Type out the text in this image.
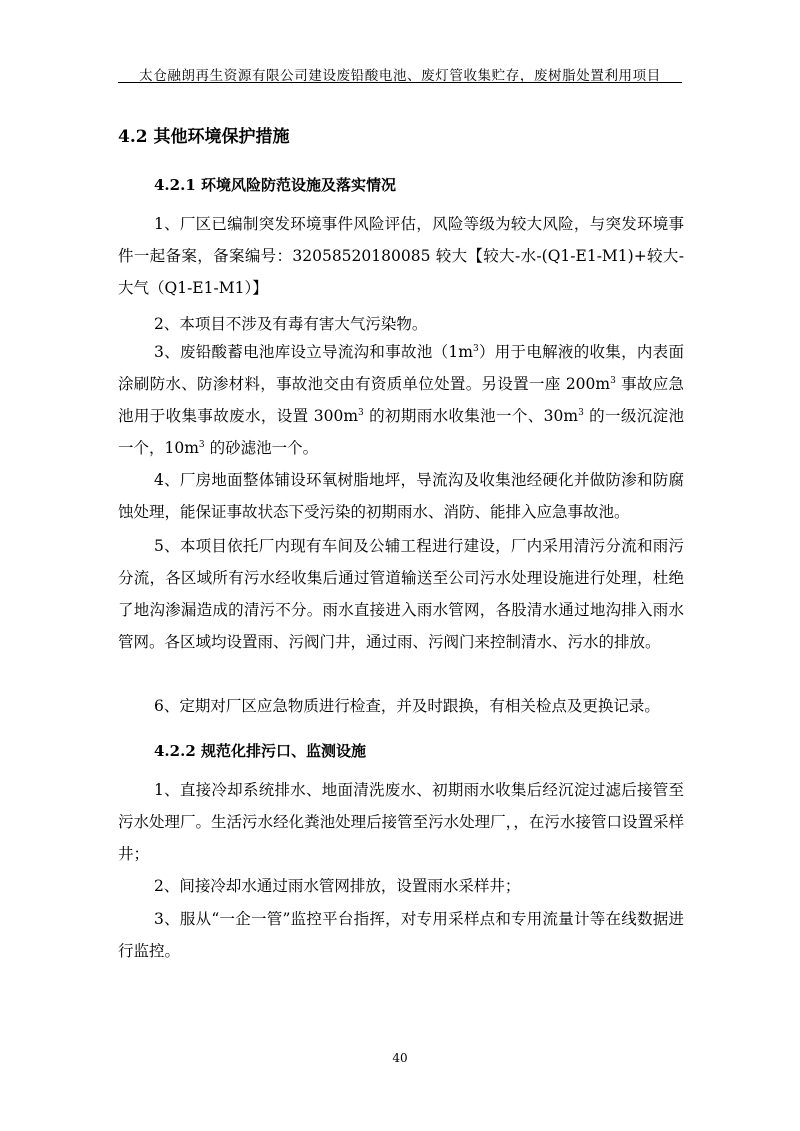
太仓融朗再生资源有限公司建设废铅酸电池、废灯管收集贮存，废树脂处置利用项目
4.2 其他环境保护措施
4.2.1 环境风险防范设施及落实情况
1、厂区已编制突发环境事件风险评估，风险等级为较大风险，与突发环境事件一起备案，备案编号：32058520180085 较大【较大-水-(Q1-E1-M1)+较大-大气（Q1-E1-M1）】
2、本项目不涉及有毒有害大气污染物。
3、废铅酸蓄电池库设立导流沟和事故池$(1m^3)$用于电解液的收集，内表面涂刷防水、防渗材料，事故池交由有资质单位处置。另设置一座 $200m^3$ 事故应急池用于收集事故废水，设置 $300m^3$ 的初期雨水收集池一个、$30m^3$ 的一级沉淀池一个，$10m^3$ 的砂滤池一个。
4、厂房地面整体铺设环氧树脂地坪，导流沟及收集池经硬化并做防渗和防腐蚀处理，能保证事故状态下受污染的初期雨水、消防、能排入应急事故池。
5、本项目依托厂内现有车间及公辅工程进行建设，厂内采用清污分流和雨污分流，各区域所有污水经收集后通过管道输送至公司污水处理设施进行处理，杜绝了地沟渗漏造成的清污不分。雨水直接进入雨水管网，各股清水通过地沟排入雨水管网。各区域均设置雨、污阀门井，通过雨、污阀门来控制清水、污水的排放。
6、定期对厂区应急物质进行检查，并及时跟换，有相关检点及更换记录。
4.2.2 规范化排污口、监测设施
1、直接冷却系统排水、地面清洗废水、初期雨水收集后经沉淀过滤后接管至污水处理厂。生活污水经化粪池处理后接管至污水处理厂，，在污水接管口设置采样井；
2、间接冷却水通过雨水管网排放，设置雨水采样井；
3、服从“一企一管”监控平台指挥，对专用采样点和专用流量计等在线数据进行监控。
40
